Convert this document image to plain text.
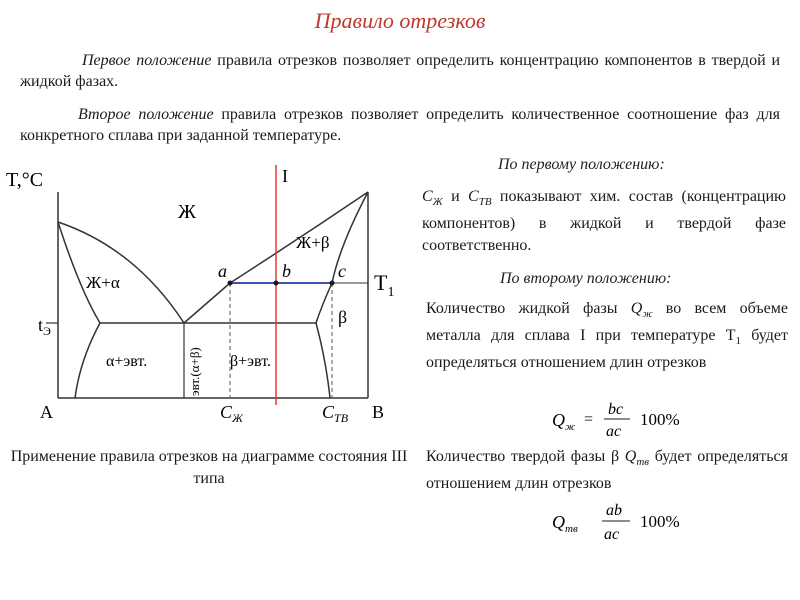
Правило отрезков
Первое положение правила отрезков позволяет определить концентрацию компонентов в твердой и жидкой фазах.
Второе положение правила отрезков позволяет определить количественное соотношение фаз для конкретного сплава при заданной температуре.
T,°C	I
Ж
Ж+α
Ж+β
a	b	c $T_1$
$t_Э$
β
α+эвт.	эвт.(α+β) β+эвт.
A	B
$C_Ж$	$C_{ТВ}$
Применение правила отрезков на диаграмме состояния III типа
По первому положению:
$C_Ж$ и $C_{ТВ}$ показывают хим. состав (концентрацию компонентов) в жидкой и твердой фазе соответственно.
По второму положению:
Количество жидкой фазы $Q_ж$ во всем объеме металла для сплава I при температуре $T_1$ будет определяться отношением длин отрезков
$Q_ж$ =
bc
ac
100%
Количество твердой фазы β $Q_{тв}$ будет определяться отношением длин отрезков
$Q_{тв}$
ab
ac
100%
